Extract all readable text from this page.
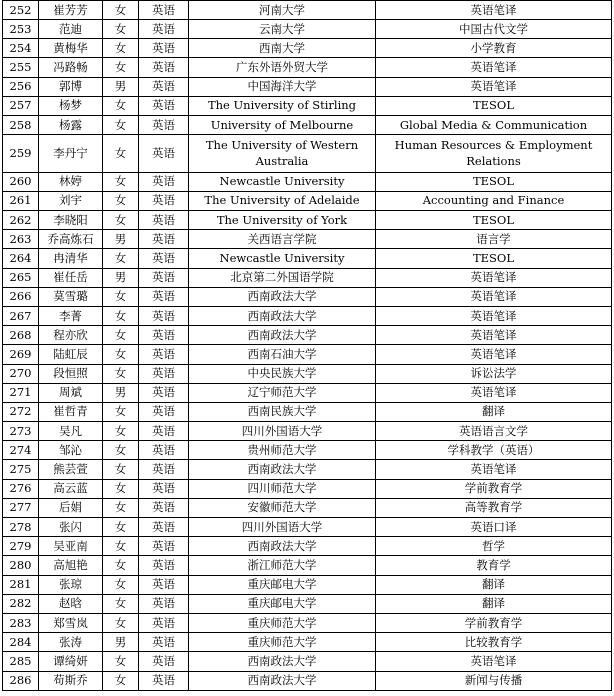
252	崔芳芳	女	英语	河南大学	英语笔译
253	范迪	女	英语	云南大学	中国古代文学
254	黄梅华	女	英语	西南大学	小学教育
255	冯路畅	女	英语	广东外语外贸大学	英语笔译
256	郭博	男	英语	中国海洋大学	英语笔译
257	杨梦	女	英语	The University of Stirling	TESOL
258	杨露	女	英语	University of Melbourne	Global Media & Communication
259	李丹宁	女	英语	The University of Western Australia	Human Resources & Employment Relations
260	林婷	女	英语	Newcastle University	TESOL
261	刘宇	女	英语	The University of Adelaide	Accounting and Finance
262	李晓阳	女	英语	The University of York	TESOL
263	乔高炼石	男	英语	关西语言学院	语言学
264	冉清华	女	英语	Newcastle University	TESOL
265	崔任岳	男	英语	北京第二外国语学院	英语笔译
266	莫雪璐	女	英语	西南政法大学	英语笔译
267	李菁	女	英语	西南政法大学	英语笔译
268	程亦欣	女	英语	西南政法大学	英语笔译
269	陆虹辰	女	英语	西南石油大学	英语笔译
270	段恒照	女	英语	中央民族大学	诉讼法学
271	周斌	男	英语	辽宁师范大学	英语笔译
272	崔哲青	女	英语	西南民族大学	翻译
273	吴凡	女	英语	四川外国语大学	英语语言文学
274	邹沁	女	英语	贵州师范大学	学科教学（英语）
275	熊芸萱	女	英语	西南政法大学	英语笔译
276	高云蓝	女	英语	四川师范大学	学前教育学
277	后娟	女	英语	安徽师范大学	高等教育学
278	张闪	女	英语	四川外国语大学	英语口译
279	吴亚南	女	英语	西南政法大学	哲学
280	高旭艳	女	英语	浙江师范大学	教育学
281	张琼	女	英语	重庆邮电大学	翻译
282	赵晗	女	英语	重庆邮电大学	翻译
283	郑雪岚	女	英语	重庆师范大学	学前教育学
284	张涛	男	英语	重庆师范大学	比较教育学
285	谭绮妍	女	英语	西南政法大学	英语笔译
286	苟斯乔	女	英语	西南政法大学	新闻与传播
